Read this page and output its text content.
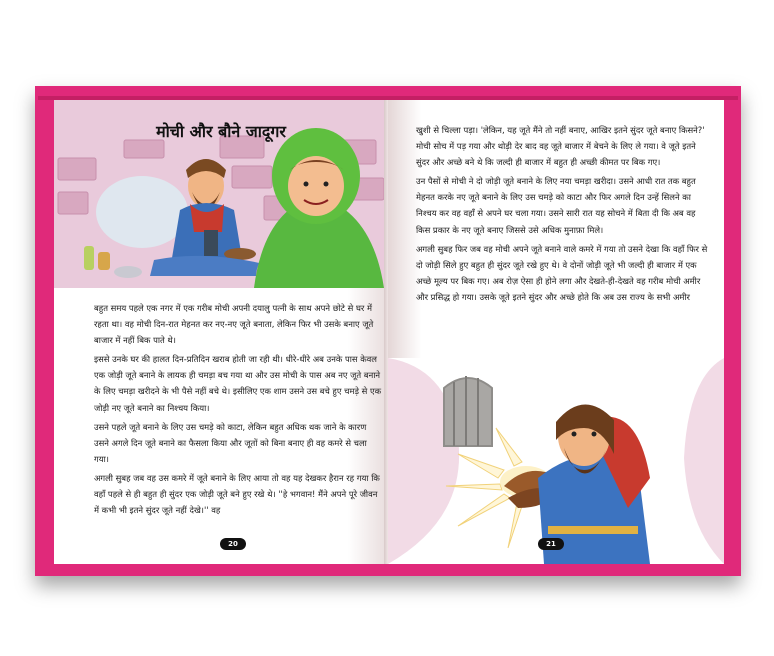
मोची और बौने जादूगर

बहुत समय पहले एक नगर में एक गरीब मोची अपनी दयालु पत्नी के साथ अपने छोटे से घर में रहता था। वह मोची दिन-रात मेहनत कर नए-नए जूते बनाता, लेकिन फिर भी उसके बनाए जूते बाजार में नहीं बिक पाते थे।

इससे उनके घर की हालत दिन-प्रतिदिन खराब होती जा रही थी। धीरे-धीरे अब उनके पास केवल एक जोड़ी जूते बनाने के लायक ही चमड़ा बच गया था और उस मोची के पास अब नए जूते बनाने के लिए चमड़ा खरीदने के भी पैसे नहीं बचे थे। इसीलिए एक शाम उसने उस बचे हुए चमड़े से एक जोड़ी नए जूते बनाने का निश्चय किया।

उसने पहले जूते बनाने के लिए उस चमड़े को काटा, लेकिन बहुत अधिक थक जाने के कारण उसने अगले दिन जूते बनाने का फैसला किया और जूतों को बिना बनाए ही वह कमरे से चला गया।

अगली सुबह जब वह उस कमरे में जूते बनाने के लिए आया तो वह यह देखकर हैरान रह गया कि वहाँ पहले से ही बहुत ही सुंदर एक जोड़ी जूते बने हुए रखे थे। ''हे भगवान! मैंने अपने पूरे जीवन में कभी भी इतने सुंदर जूते नहीं देखे।'' वह

20

खुशी से चिल्ला पड़ा। 'लेकिन, यह जूते मैंने तो नहीं बनाए, आखिर इतने सुंदर जूते बनाए किसने?' मोची सोच में पड़ गया और थोड़ी देर बाद वह जूते बाजार में बेचने के लिए ले गया। वे जूते इतने सुंदर और अच्छे बने थे कि जल्दी ही बाजार में बहुत ही अच्छी कीमत पर बिक गए।

उन पैसों से मोची ने दो जोड़ी जूते बनाने के लिए नया चमड़ा खरीदा। उसने आधी रात तक बहुत मेहनत करके नए जूते बनाने के लिए उस चमड़े को काटा और फिर अगले दिन उन्हें सिलने का निश्चय कर वह वहाँ से अपने घर चला गया। उसने सारी रात यह सोचने में बिता दी कि अब वह किस प्रकार के नए जूते बनाए जिससे उसे अधिक मुनाफ़ा मिले।

अगली सुबह फिर जब वह मोची अपने जूते बनाने वाले कमरे में गया तो उसने देखा कि वहाँ फिर से दो जोड़ी सिले हुए बहुत ही सुंदर जूते रखे हुए थे। वे दोनों जोड़ी जूते भी जल्दी ही बाजार में एक अच्छे मूल्य पर बिक गए। अब रोज़ ऐसा ही होने लगा और देखते-ही-देखते वह गरीब मोची अमीर और प्रसिद्ध हो गया। उसके जूते इतने सुंदर और अच्छे होते कि अब उस राज्य के सभी अमीर

21
